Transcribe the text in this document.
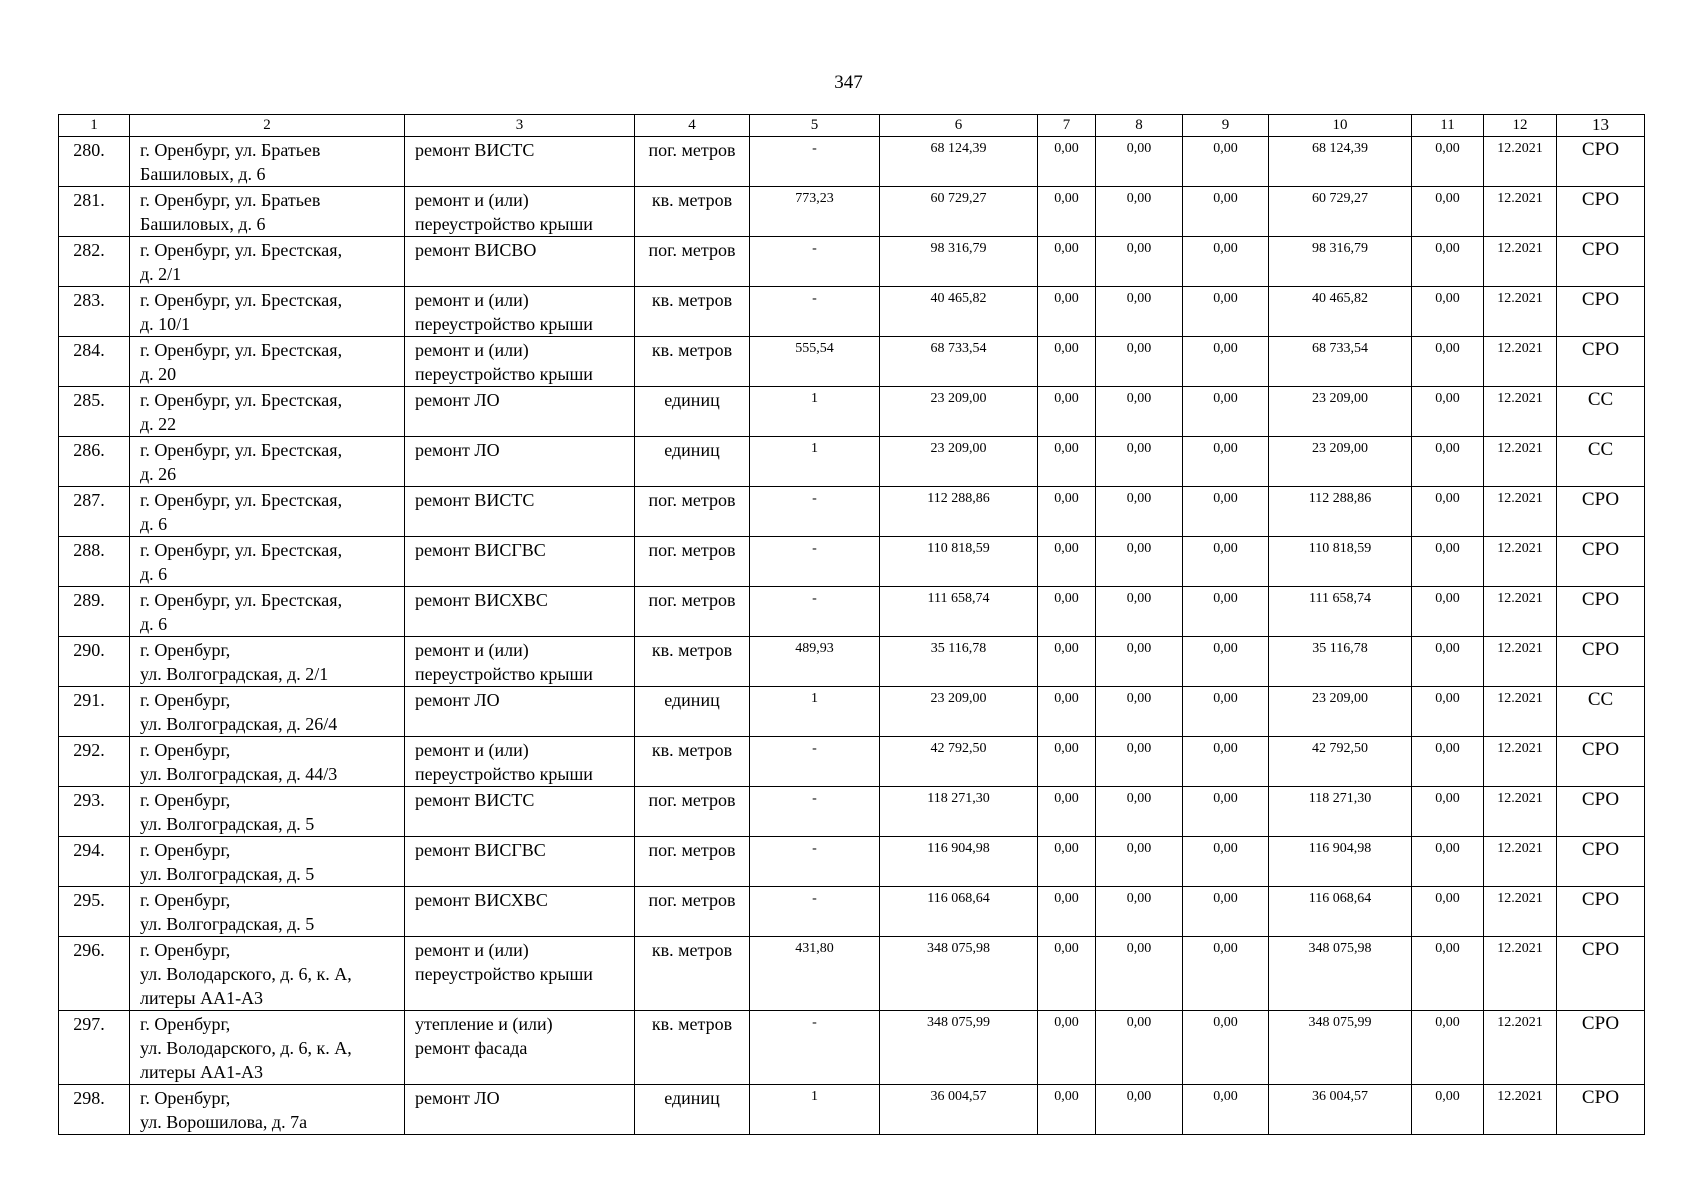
347
1	2	3	4	5	6	7	8	9	10	11	12	13
280.	г. Оренбург, ул. Братьев
Башиловых, д. 6	ремонт ВИСТС	пог. метров	-	68 124,39	0,00	0,00	0,00	68 124,39	0,00	12.2021	СРО
281.	г. Оренбург, ул. Братьев
Башиловых, д. 6	ремонт и (или)
переустройство крыши	кв. метров	773,23	60 729,27	0,00	0,00	0,00	60 729,27	0,00	12.2021	СРО
282.	г. Оренбург, ул. Брестская,
д. 2/1	ремонт ВИСВО	пог. метров	-	98 316,79	0,00	0,00	0,00	98 316,79	0,00	12.2021	СРО
283.	г. Оренбург, ул. Брестская,
д. 10/1	ремонт и (или)
переустройство крыши	кв. метров	-	40 465,82	0,00	0,00	0,00	40 465,82	0,00	12.2021	СРО
284.	г. Оренбург, ул. Брестская,
д. 20	ремонт и (или)
переустройство крыши	кв. метров	555,54	68 733,54	0,00	0,00	0,00	68 733,54	0,00	12.2021	СРО
285.	г. Оренбург, ул. Брестская,
д. 22	ремонт ЛО	единиц	1	23 209,00	0,00	0,00	0,00	23 209,00	0,00	12.2021	СС
286.	г. Оренбург, ул. Брестская,
д. 26	ремонт ЛО	единиц	1	23 209,00	0,00	0,00	0,00	23 209,00	0,00	12.2021	СС
287.	г. Оренбург, ул. Брестская,
д. 6	ремонт ВИСТС	пог. метров	-	112 288,86	0,00	0,00	0,00	112 288,86	0,00	12.2021	СРО
288.	г. Оренбург, ул. Брестская,
д. 6	ремонт ВИСГВС	пог. метров	-	110 818,59	0,00	0,00	0,00	110 818,59	0,00	12.2021	СРО
289.	г. Оренбург, ул. Брестская,
д. 6	ремонт ВИСХВС	пог. метров	-	111 658,74	0,00	0,00	0,00	111 658,74	0,00	12.2021	СРО
290.	г. Оренбург,
ул. Волгоградская, д. 2/1	ремонт и (или)
переустройство крыши	кв. метров	489,93	35 116,78	0,00	0,00	0,00	35 116,78	0,00	12.2021	СРО
291.	г. Оренбург,
ул. Волгоградская, д. 26/4	ремонт ЛО	единиц	1	23 209,00	0,00	0,00	0,00	23 209,00	0,00	12.2021	СС
292.	г. Оренбург,
ул. Волгоградская, д. 44/3	ремонт и (или)
переустройство крыши	кв. метров	-	42 792,50	0,00	0,00	0,00	42 792,50	0,00	12.2021	СРО
293.	г. Оренбург,
ул. Волгоградская, д. 5	ремонт ВИСТС	пог. метров	-	118 271,30	0,00	0,00	0,00	118 271,30	0,00	12.2021	СРО
294.	г. Оренбург,
ул. Волгоградская, д. 5	ремонт ВИСГВС	пог. метров	-	116 904,98	0,00	0,00	0,00	116 904,98	0,00	12.2021	СРО
295.	г. Оренбург,
ул. Волгоградская, д. 5	ремонт ВИСХВС	пог. метров	-	116 068,64	0,00	0,00	0,00	116 068,64	0,00	12.2021	СРО
296.	г. Оренбург,
ул. Володарского, д. 6, к. А,
литеры АА1-А3	ремонт и (или)
переустройство крыши	кв. метров	431,80	348 075,98	0,00	0,00	0,00	348 075,98	0,00	12.2021	СРО
297.	г. Оренбург,
ул. Володарского, д. 6, к. А,
литеры АА1-А3	утепление и (или)
ремонт фасада	кв. метров	-	348 075,99	0,00	0,00	0,00	348 075,99	0,00	12.2021	СРО
298.	г. Оренбург,
ул. Ворошилова, д. 7а	ремонт ЛО	единиц	1	36 004,57	0,00	0,00	0,00	36 004,57	0,00	12.2021	СРО
